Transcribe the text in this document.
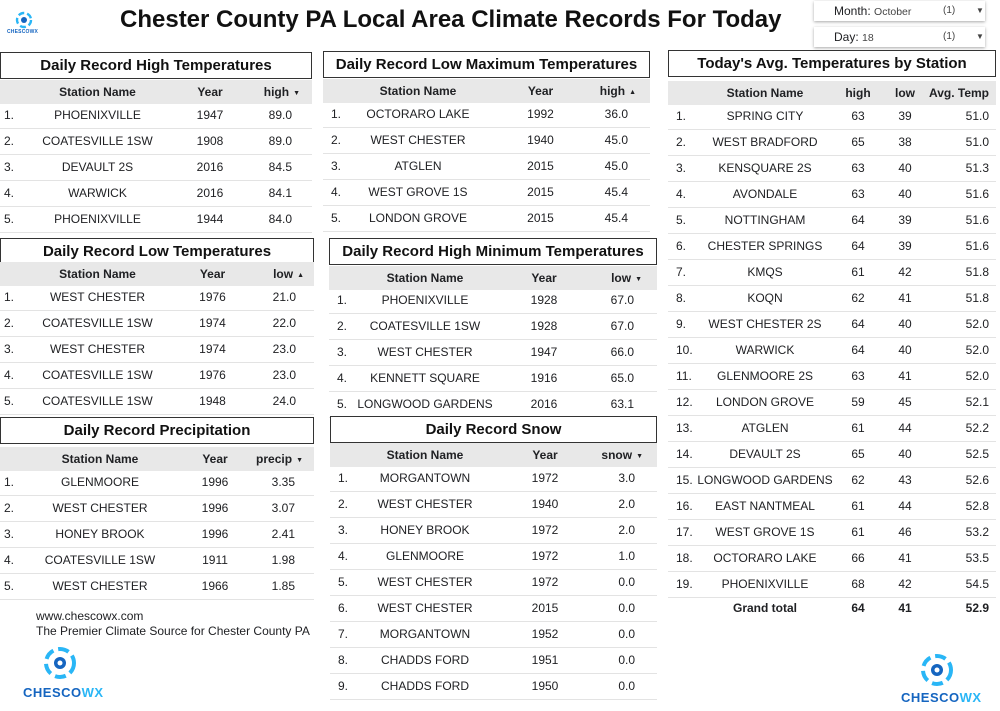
CHESCOWX	Chester County PA Local Area Climate Records For Today	Month: October	(1)	▼
Day: 18	(1)	▼
Daily Record High Temperatures
Station Name	Year	high ▼
1.	PHOENIXVILLE	1947	89.0
2.	COATESVILLE 1SW	1908	89.0
3.	DEVAULT 2S	2016	84.5
4.	WARWICK	2016	84.1
5.	PHOENIXVILLE	1944	84.0
Daily Record Low Maximum Temperatures
Station Name	Year	high ▲
1.	OCTORARO LAKE	1992	36.0
2.	WEST CHESTER	1940	45.0
3.	ATGLEN	2015	45.0
4.	WEST GROVE 1S	2015	45.4
5.	LONDON GROVE	2015	45.4
Daily Record Low Temperatures
Station Name	Year	low ▲
1.	WEST CHESTER	1976	21.0
2.	COATESVILLE 1SW	1974	22.0
3.	WEST CHESTER	1974	23.0
4.	COATESVILLE 1SW	1976	23.0
5.	COATESVILLE 1SW	1948	24.0
Daily Record High Minimum Temperatures
Station Name	Year	low ▼
1.	PHOENIXVILLE	1928	67.0
2.	COATESVILLE 1SW	1928	67.0
3.	WEST CHESTER	1947	66.0
4.	KENNETT SQUARE	1916	65.0
5. LONGWOOD GARDENS	2016	63.1
Daily Record Precipitation
Station Name	Year	precip ▼
1.	GLENMOORE	1996	3.35
2.	WEST CHESTER	1996	3.07
3.	HONEY BROOK	1996	2.41
4.	COATESVILLE 1SW	1911	1.98
5.	WEST CHESTER	1966	1.85
Daily Record Snow
Station Name	Year	snow ▼
1.	MORGANTOWN	1972	3.0
2.	WEST CHESTER	1940	2.0
3.	HONEY BROOK	1972	2.0
4.	GLENMOORE	1972	1.0
5.	WEST CHESTER	1972	0.0
6.	WEST CHESTER	2015	0.0
7.	MORGANTOWN	1952	0.0
8.	CHADDS FORD	1951	0.0
9.	CHADDS FORD	1950	0.0
Today's Avg. Temperatures by Station
Station Name	high	low	Avg. Temp
1.	SPRING CITY	63	39	51.0
2.	WEST BRADFORD	65	38	51.0
3.	KENSQUARE 2S	63	40	51.3
4.	AVONDALE	63	40	51.6
5.	NOTTINGHAM	64	39	51.6
6.	CHESTER SPRINGS	64	39	51.6
7.	KMQS	61	42	51.8
8.	KOQN	62	41	51.8
9.	WEST CHESTER 2S	64	40	52.0
10.	WARWICK	64	40	52.0
11.	GLENMOORE 2S	63	41	52.0
12.	LONDON GROVE	59	45	52.1
13.	ATGLEN	61	44	52.2
14.	DEVAULT 2S	65	40	52.5
15. LONGWOOD GARDENS	62	43	52.6
16.	EAST NANTMEAL	61	44	52.8
17.	WEST GROVE 1S	61	46	53.2
18.	OCTORARO LAKE	66	41	53.5
19.	PHOENIXVILLE	68	42	54.5
Grand total	64	41	52.9
www.chescowx.com
The Premier Climate Source for Chester County PA
CHESCOWX	CHESCOWX
